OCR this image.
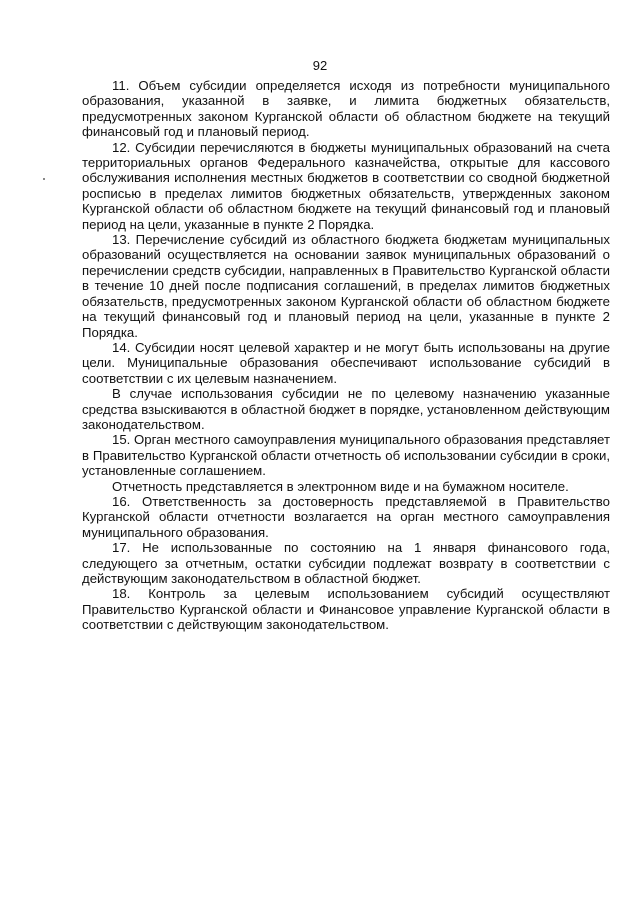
92

11. Объем субсидии определяется исходя из потребности муниципального образования, указанной в заявке, и лимита бюджетных обязательств, предусмотренных законом Курганской области об областном бюджете на текущий финансовый год и плановый период.

12. Субсидии перечисляются в бюджеты муниципальных образований на счета территориальных органов Федерального казначейства, открытые для кассового обслуживания исполнения местных бюджетов в соответствии со сводной бюджетной росписью в пределах лимитов бюджетных обязательств, утвержденных законом Курганской области об областном бюджете на текущий финансовый год и плановый период на цели, указанные в пункте 2 Порядка.

13. Перечисление субсидий из областного бюджета бюджетам муниципальных образований осуществляется на основании заявок муниципальных образований о перечислении средств субсидии, направленных в Правительство Курганской области в течение 10 дней после подписания соглашений, в пределах лимитов бюджетных обязательств, предусмотренных законом Курганской области об областном бюджете на текущий финансовый год и плановый период на цели, указанные в пункте 2 Порядка.

14. Субсидии носят целевой характер и не могут быть использованы на другие цели. Муниципальные образования обеспечивают использование субсидий в соответствии с их целевым назначением.

В случае использования субсидии не по целевому назначению указанные средства взыскиваются в областной бюджет в порядке, установленном действующим законодательством.

15. Орган местного самоуправления муниципального образования представляет в Правительство Курганской области отчетность об использовании субсидии в сроки, установленные соглашением.

Отчетность представляется в электронном виде и на бумажном носителе.

16. Ответственность за достоверность представляемой в Правительство Курганской области отчетности возлагается на орган местного самоуправления муниципального образования.

17. Не использованные по состоянию на 1 января финансового года, следующего за отчетным, остатки субсидии подлежат возврату в соответствии с действующим законодательством в областной бюджет.

18. Контроль за целевым использованием субсидий осуществляют Правительство Курганской области и Финансовое управление Курганской области в соответствии с действующим законодательством.
